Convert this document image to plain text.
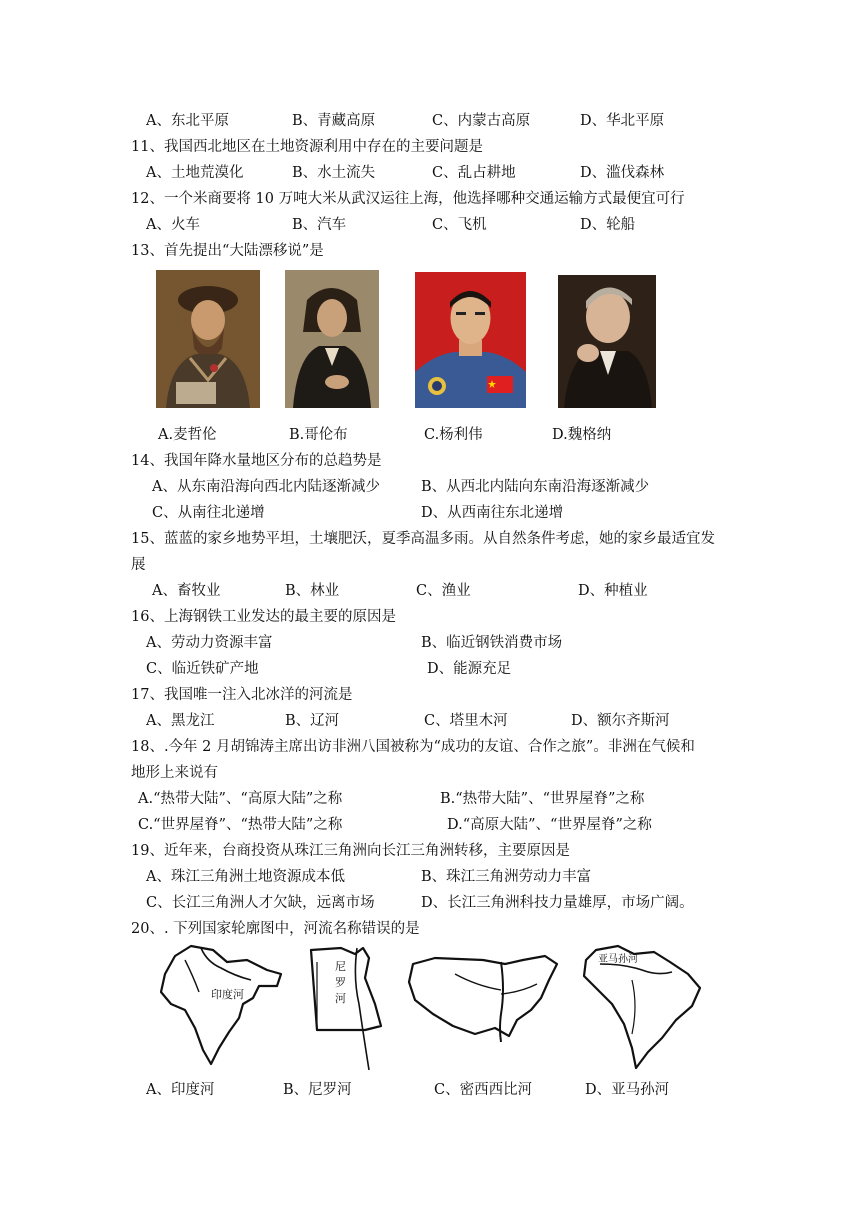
A、东北平原	B、青藏高原	C、内蒙古高原	D、华北平原
11、我国西北地区在土地资源利用中存在的主要问题是
A、土地荒漠化	B、水土流失	C、乱占耕地	D、滥伐森林
12、一个米商要将 10 万吨大米从武汉运往上海，他选择哪种交通运输方式最便宜可行
A、火车	B、汽车	C、飞机	D、轮船
13、首先提出“大陆漂移说”是
A.麦哲伦	B.哥伦布	C.杨利伟	D.魏格纳
14、我国年降水量地区分布的总趋势是
A、从东南沿海向西北内陆逐渐减少	B、从西北内陆向东南沿海逐渐减少
C、从南往北递增	D、从西南往东北递增
15、蓝蓝的家乡地势平坦，土壤肥沃，夏季高温多雨。从自然条件考虑，她的家乡最适宜发
展
A、畜牧业	B、林业	C、渔业	D、种植业
16、上海钢铁工业发达的最主要的原因是
A、劳动力资源丰富	B、临近钢铁消费市场
C、临近铁矿产地	D、能源充足
17、我国唯一注入北冰洋的河流是
A、黑龙江	B、辽河	C、塔里木河	D、额尔齐斯河
18、.今年 2 月胡锦涛主席出访非洲八国被称为“成功的友谊、合作之旅”。非洲在气候和
地形上来说有
A.“热带大陆”、“高原大陆”之称	B.“热带大陆”、“世界屋脊”之称
C.“世界屋脊”、“热带大陆”之称	D.“高原大陆”、“世界屋脊”之称
19、近年来，台商投资从珠江三角洲向长江三角洲转移，主要原因是
A、珠江三角洲土地资源成本低	B、珠江三角洲劳动力丰富
C、长江三角洲人才欠缺，远离市场	D、长江三角洲科技力量雄厚，市场广阔。
20、. 下列国家轮廓图中，河流名称错误的是
印度河
尼
罗
河
亚马孙河
A、印度河	B、尼罗河	C、密西西比河	D、亚马孙河
